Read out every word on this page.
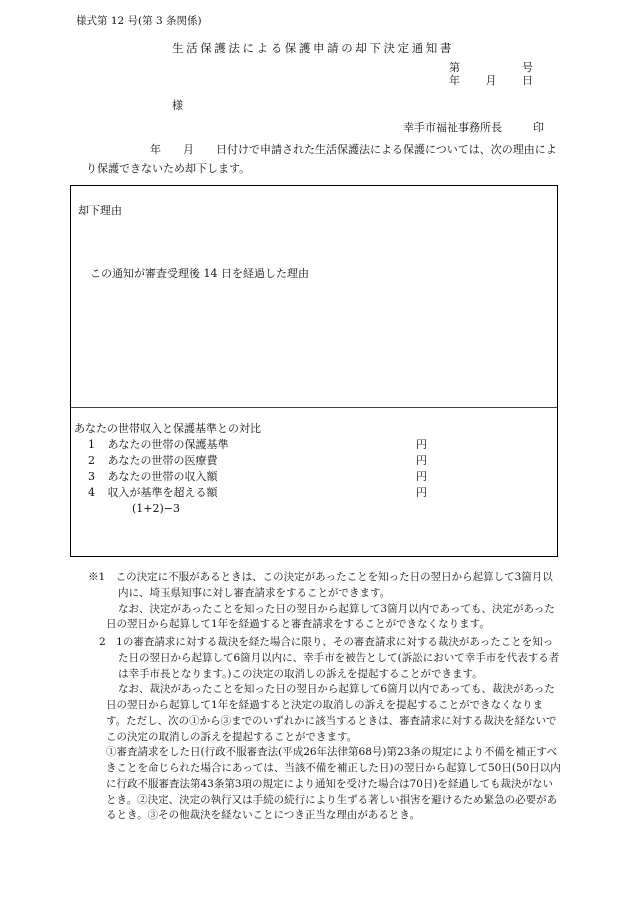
様式第 12 号(第 3 条関係)
生活保護法による保護申請の却下決定通知書
第	号
年 月 日
様
幸手市福祉事務所長	印
年　　月　　日付けで申請された生活保護法による保護については、次の理由により保護できないため却下します。
却下理由
この通知が審査受理後 14 日を経過した理由
あなたの世帯収入と保護基準との対比
1 あなたの世帯の保護基準	円
2 あなたの世帯の医療費	円
3 あなたの世帯の収入額	円
4 収入が基準を超える額	円
(1+2)−3

※1　この決定に不服があるときは、この決定があったことを知った日の翌日から起算して3箇月以内に、埼玉県知事に対し審査請求をすることができます。

なお、決定があったことを知った日の翌日から起算して3箇月以内であっても、決定があった日の翌日から起算して1年を経過すると審査請求をすることができなくなります。

2　1の審査請求に対する裁決を経た場合に限り、その審査請求に対する裁決があったことを知った日の翌日から起算して6箇月以内に、幸手市を被告として(訴訟において幸手市を代表する者は幸手市長となります。)この決定の取消しの訴えを提起することができます。

なお、裁決があったことを知った日の翌日から起算して6箇月以内であっても、裁決があった日の翌日から起算して1年を経過すると決定の取消しの訴えを提起することができなくなります。ただし、次の①から③までのいずれかに該当するときは、審査請求に対する裁決を経ないでこの決定の取消しの訴えを提起することができます。

①審査請求をした日(行政不服審査法(平成26年法律第68号)第23条の規定により不備を補正すべきことを命じられた場合にあっては、当該不備を補正した日)の翌日から起算して50日(50日以内に行政不服審査法第43条第3項の規定により通知を受けた場合は70日)を経過しても裁決がないとき。②決定、決定の執行又は手続の続行により生ずる著しい損害を避けるため緊急の必要があるとき。③その他裁決を経ないことにつき正当な理由があるとき。
